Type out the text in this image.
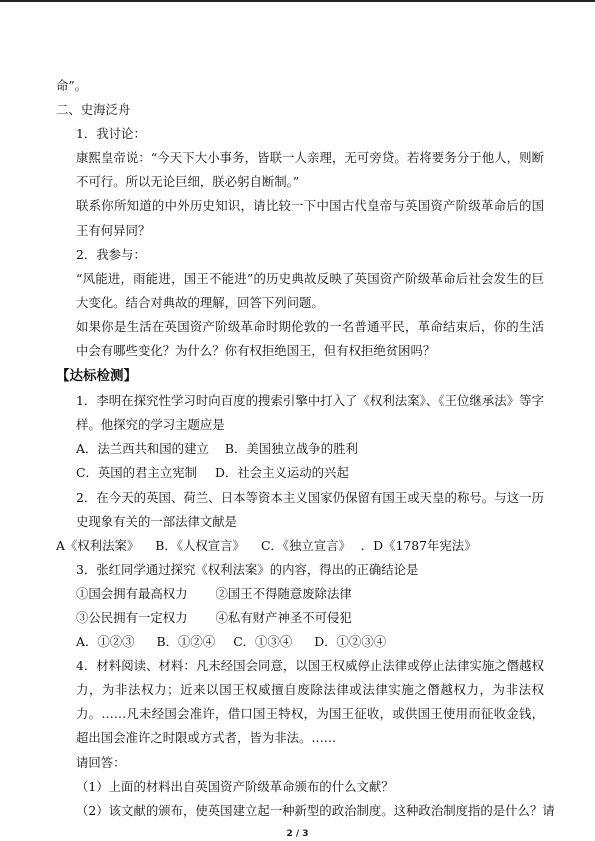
命”。

二、史海泛舟

1．我讨论：

康熙皇帝说：“今天下大小事务，皆联一人亲理，无可旁贷。若将要务分于他人，则断不可行。所以无论巨细，朕必躬自断制。”

联系你所知道的中外历史知识，请比较一下中国古代皇帝与英国资产阶级革命后的国王有何异同？

2．我参与：

“风能进，雨能进，国王不能进”的历史典故反映了英国资产阶级革命后社会发生的巨大变化。结合对典故的理解，回答下列问题。

如果你是生活在英国资产阶级革命时期伦敦的一名普通平民，革命结束后，你的生活中会有哪些变化？为什么？你有权拒绝国王，但有权拒绝贫困吗？

【达标检测】

1．李明在探究性学习时向百度的搜索引擎中打入了《权利法案》、《王位继承法》等字样。他探究的学习主题应是

A．法兰西共和国的建立 B．美国独立战争的胜利

C．英国的君主立宪制 D．社会主义运动的兴起

2．在今天的英国、荷兰、日本等资本主义国家仍保留有国王或天皇的称号。与这一历史现象有关的一部法律文献是

A《权利法案》 B．《人权宣言》 C．《独立宣言》 ．D《1787年宪法》

3．张红同学通过探究《权利法案》的内容，得出的正确结论是

①国会拥有最高权力 ②国王不得随意废除法律

③公民拥有一定权力 ④私有财产神圣不可侵犯

A．①②③ B．①②④ C．①③④ D．①②③④

4．材料阅读、材料：凡未经国会同意，以国王权威停止法律或停止法律实施之僭越权力，为非法权力；近来以国王权威擅自废除法律或法律实施之僭越权力，为非法权力。……凡未经国会准许，借口国王特权，为国王征收，或供国王使用而征收金钱，超出国会准许之时限或方式者，皆为非法。……

请回答：

（1）上面的材料出自英国资产阶级革命颁布的什么文献？

（2）该文献的颁布，使英国建立起一种新型的政治制度。这种政治制度指的是什么？请

2 / 3
